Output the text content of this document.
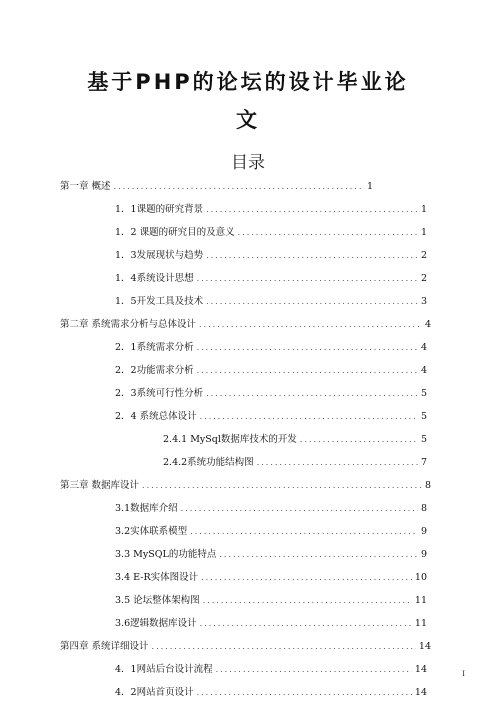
基于PHP的论坛的设计毕业论
文
目录
第一章 概述 .....	1
1．1课题的研究背景 .....	1
1．2 课题的研究目的及意义 .....	1
1．3发展现状与趋势 .....	2
1．4系统设计思想 .....	2
1．5开发工具及技术 .....	3
第二章 系统需求分析与总体设计 .....	4
2．1系统需求分析 .....	4
2．2功能需求分析 .....	4
2．3系统可行性分析 .....	5
2．4 系统总体设计 .....	5
2.4.1 MySql数据库技术的开发 .....	5
2.4.2系统功能结构图 .....	7
第三章 数据库设计 .....	8
3.1数据库介绍 .....	8
3.2实体联系模型 .....	9
3.3 MySQL的功能特点 .....	9
3.4 E-R实体图设计 .....	10
3.5 论坛整体架构图 .....	11
3.6逻辑数据库设计 .....	11
第四章 系统详细设计 .....	14
4．1网站后台设计流程 .....	14
4．2网站首页设计 .....	14
I
